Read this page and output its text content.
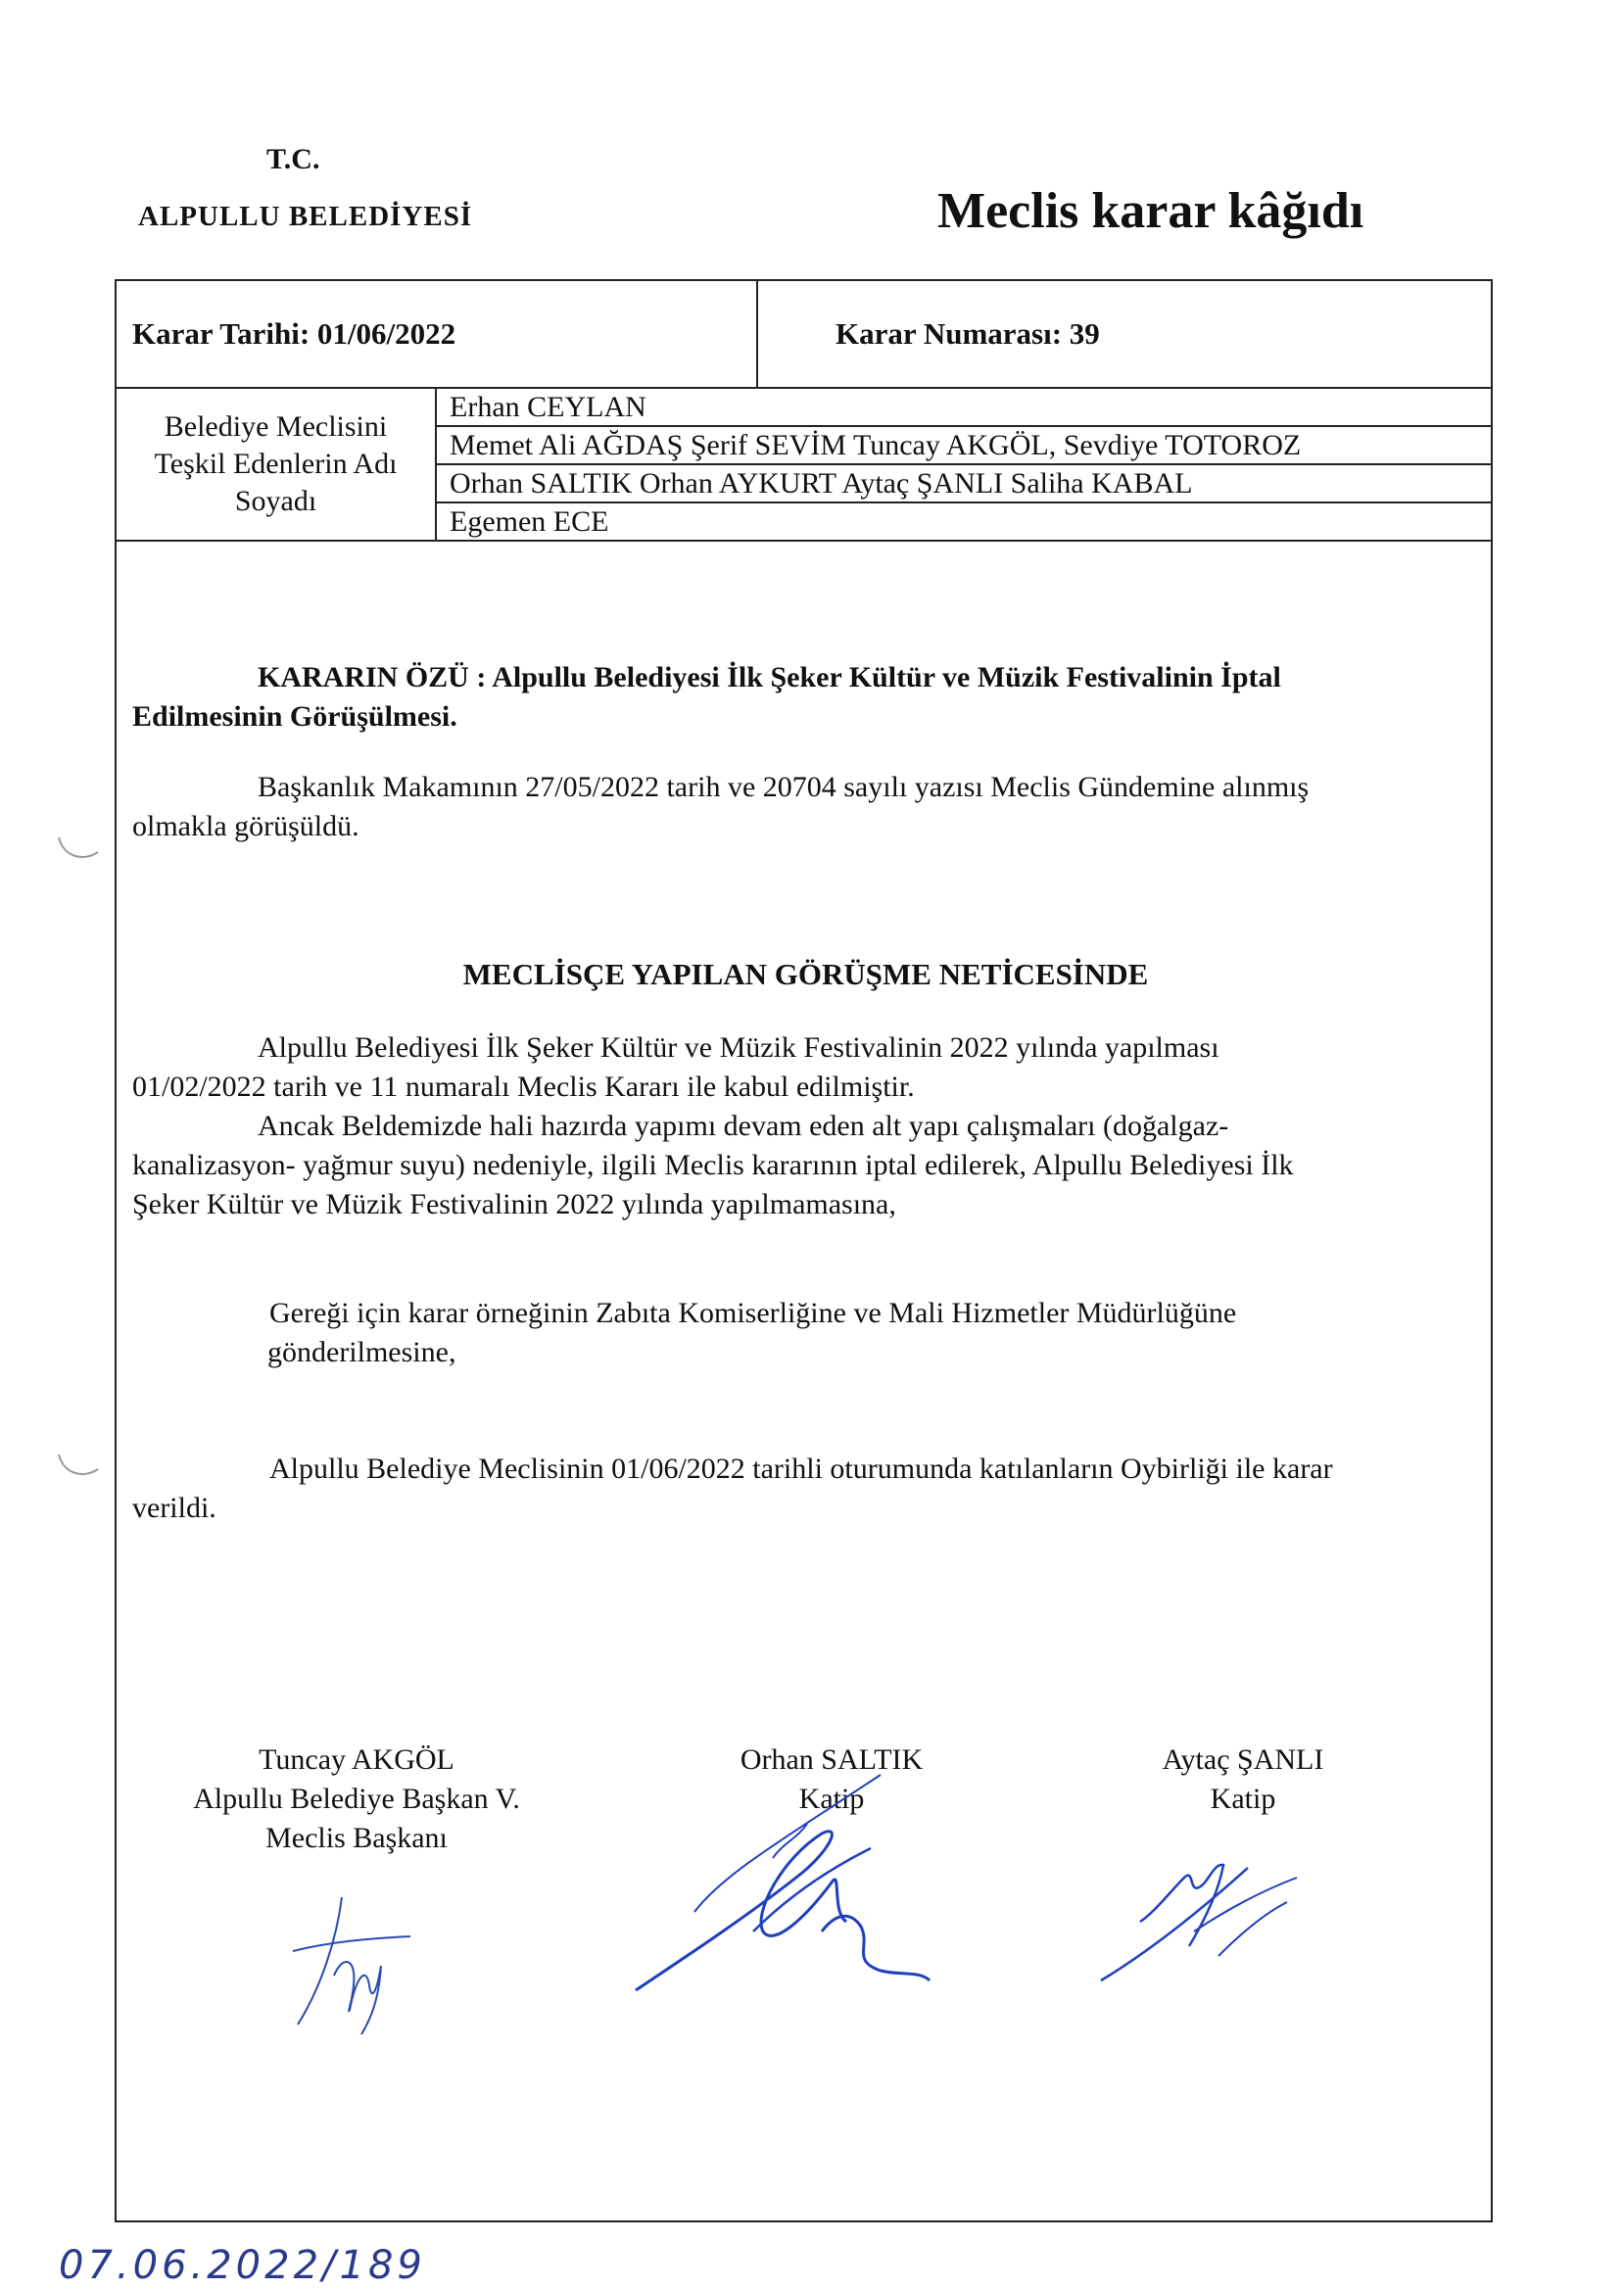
T.C.
ALPULLU BELEDİYESİ	Meclis karar kâğıdı
Karar Tarihi: 01/06/2022	Karar Numarası: 39
Belediye Meclisini Teşkil Edenlerin Adı Soyadı
Erhan CEYLAN
Memet Ali AĞDAŞ Şerif SEVİM Tuncay AKGÖL, Sevdiye TOTOROZ
Orhan SALTIK Orhan AYKURT Aytaç ŞANLI Saliha KABAL
Egemen ECE
KARARIN ÖZÜ : Alpullu Belediyesi İlk Şeker Kültür ve Müzik Festivalinin İptal
Edilmesinin Görüşülmesi.
Başkanlık Makamının 27/05/2022 tarih ve 20704 sayılı yazısı Meclis Gündemine alınmış
olmakla görüşüldü.
MECLİSÇE YAPILAN GÖRÜŞME NETİCESİNDE
Alpullu Belediyesi İlk Şeker Kültür ve Müzik Festivalinin 2022 yılında yapılması
01/02/2022 tarih ve 11 numaralı Meclis Kararı ile kabul edilmiştir.
Ancak Beldemizde hali hazırda yapımı devam eden alt yapı çalışmaları (doğalgaz-
kanalizasyon- yağmur suyu) nedeniyle, ilgili Meclis kararının iptal edilerek, Alpullu Belediyesi İlk
Şeker Kültür ve Müzik Festivalinin 2022 yılında yapılmamasına,
Gereği için karar örneğinin Zabıta Komiserliğine ve Mali Hizmetler Müdürlüğüne
gönderilmesine,
Alpullu Belediye Meclisinin 01/06/2022 tarihli oturumunda katılanların Oybirliği ile karar
verildi.
Tuncay AKGÖL
Alpullu Belediye Başkan V.
Meclis Başkanı
Orhan SALTIK
Katip
Aytaç ŞANLI
Katip
07.06.2022/189
